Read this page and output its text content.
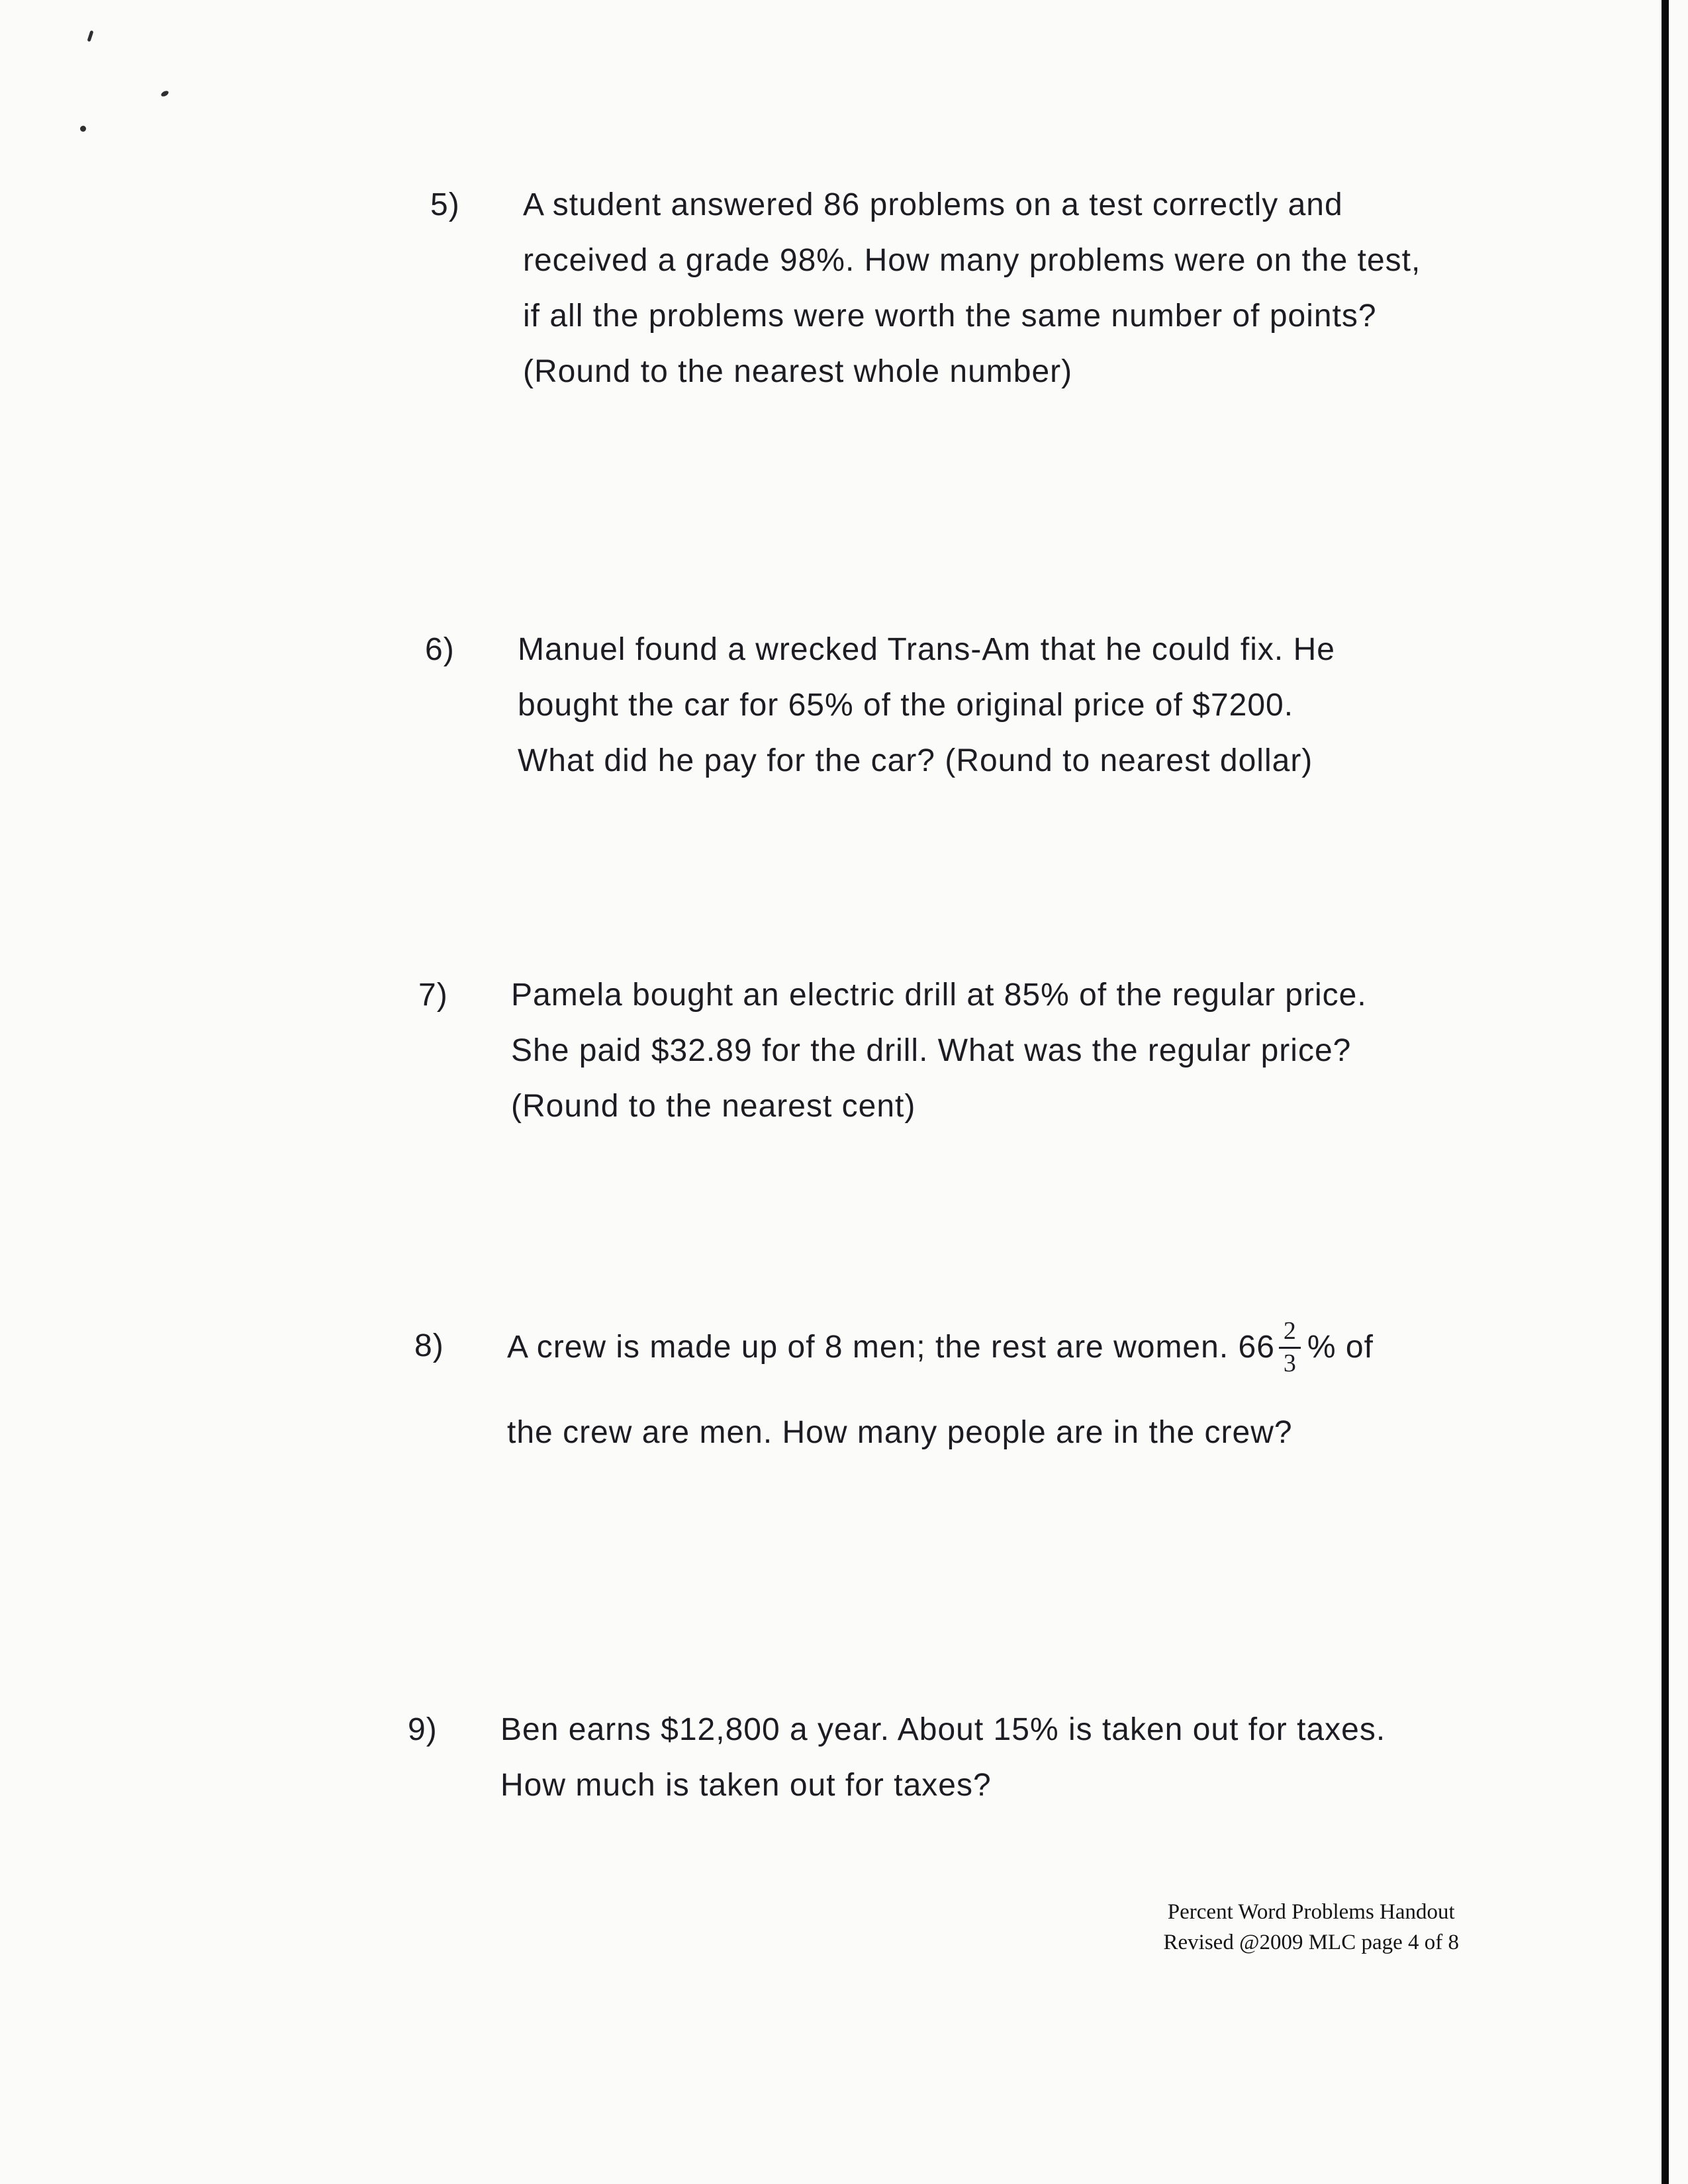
5)	A student answered 86 problems on a test correctly and
received a grade 98%. How many problems were on the test,
if all the problems were worth the same number of points?
(Round to the nearest whole number)
6)	Manuel found a wrecked Trans-Am that he could fix. He
bought the car for 65% of the original price of $7200.
What did he pay for the car? (Round to nearest dollar)
7)	Pamela bought an electric drill at 85% of the regular price.
She paid $32.89 for the drill. What was the regular price?
(Round to the nearest cent)
8)	A crew is made up of 8 men; the rest are women. $66 \frac{2}{3}$ % of
the crew are men. How many people are in the crew?
9)	Ben earns $12,800 a year. About 15% is taken out for taxes.
How much is taken out for taxes?
Percent Word Problems Handout
Revised @2009 MLC page 4 of 8
